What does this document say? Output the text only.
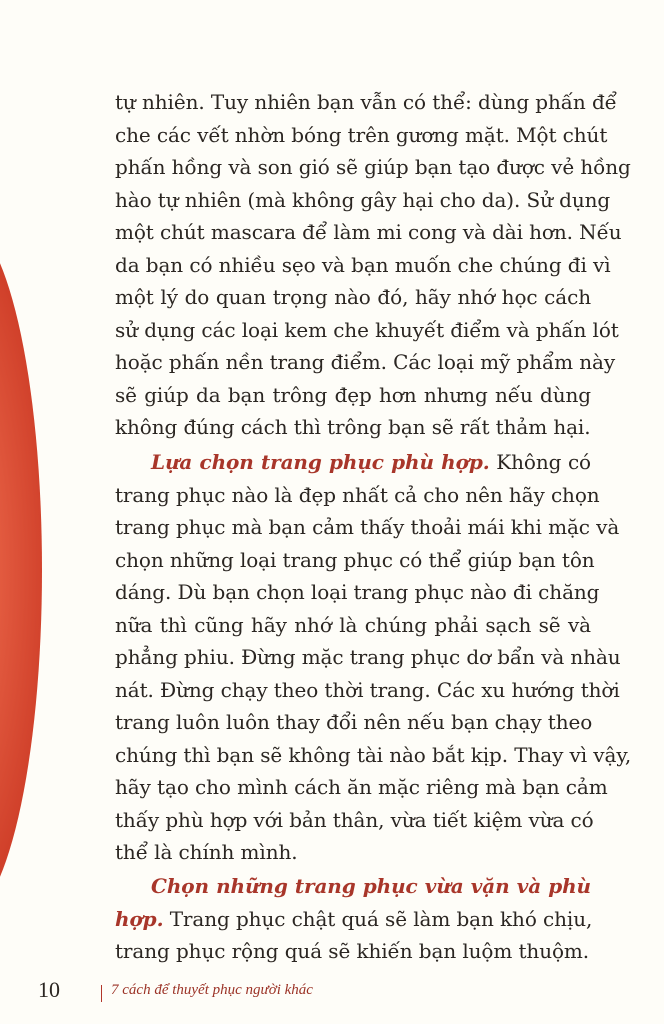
tự nhiên. Tuy nhiên bạn vẫn có thể: dùng phấn để
che các vết nhờn bóng trên gương mặt. Một chút
phấn hồng và son gió sẽ giúp bạn tạo được vẻ hồng
hào tự nhiên (mà không gây hại cho da). Sử dụng
một chút mascara để làm mi cong và dài hơn. Nếu
da bạn có nhiều sẹo và bạn muốn che chúng đi vì
một lý do quan trọng nào đó, hãy nhớ học cách
sử dụng các loại kem che khuyết điểm và phấn lót
hoặc phấn nền trang điểm. Các loại mỹ phẩm này
sẽ giúp da bạn trông đẹp hơn nhưng nếu dùng
không đúng cách thì trông bạn sẽ rất thảm hại.
Lựa chọn trang phục phù hợp. Không có
trang phục nào là đẹp nhất cả cho nên hãy chọn
trang phục mà bạn cảm thấy thoải mái khi mặc và
chọn những loại trang phục có thể giúp bạn tôn
dáng. Dù bạn chọn loại trang phục nào đi chăng
nữa thì cũng hãy nhớ là chúng phải sạch sẽ và
phẳng phiu. Đừng mặc trang phục dơ bẩn và nhàu
nát. Đừng chạy theo thời trang. Các xu hướng thời
trang luôn luôn thay đổi nên nếu bạn chạy theo
chúng thì bạn sẽ không tài nào bắt kịp. Thay vì vậy,
hãy tạo cho mình cách ăn mặc riêng mà bạn cảm
thấy phù hợp với bản thân, vừa tiết kiệm vừa có
thể là chính mình.
Chọn những trang phục vừa vặn và phù
hợp. Trang phục chật quá sẽ làm bạn khó chịu,
trang phục rộng quá sẽ khiến bạn luộm thuộm.
10	7 cách để thuyết phục người khác
